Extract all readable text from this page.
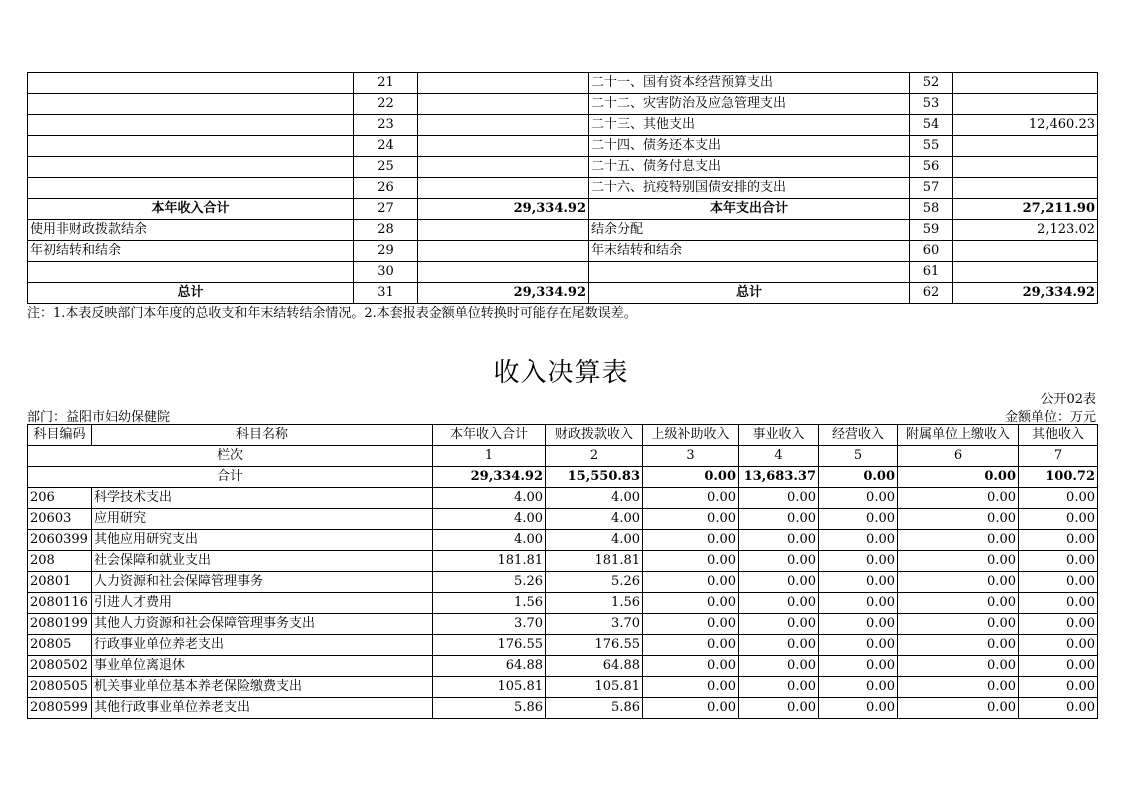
	21		二十一、国有资本经营预算支出	52	
	22		二十二、灾害防治及应急管理支出	53	
	23		二十三、其他支出	54	12,460.23
	24		二十四、债务还本支出	55	
	25		二十五、债务付息支出	56	
	26		二十六、抗疫特别国债安排的支出	57	
本年收入合计	27	29,334.92	本年支出合计	58	27,211.90
使用非财政拨款结余	28		结余分配	59	2,123.02
年初结转和结余	29		年末结转和结余	60	
	30			61	
总计	31	29,334.92	总计	62	29,334.92
注：1.本表反映部门本年度的总收支和年末结转结余情况。2.本套报表金额单位转换时可能存在尾数误差。
收入决算表
公开02表
部门：益阳市妇幼保健院	金额单位：万元
科目编码	科目名称	本年收入合计	财政拨款收入	上级补助收入	事业收入	经营收入	附属单位上缴收入	其他收入
栏次		1	2	3	4	5	6	7
合计		29,334.92	15,550.83	0.00	13,683.37	0.00	0.00	100.72
206	科学技术支出	4.00	4.00	0.00	0.00	0.00	0.00	0.00
20603	应用研究	4.00	4.00	0.00	0.00	0.00	0.00	0.00
2060399	其他应用研究支出	4.00	4.00	0.00	0.00	0.00	0.00	0.00
208	社会保障和就业支出	181.81	181.81	0.00	0.00	0.00	0.00	0.00
20801	人力资源和社会保障管理事务	5.26	5.26	0.00	0.00	0.00	0.00	0.00
2080116	引进人才费用	1.56	1.56	0.00	0.00	0.00	0.00	0.00
2080199	其他人力资源和社会保障管理事务支出	3.70	3.70	0.00	0.00	0.00	0.00	0.00
20805	行政事业单位养老支出	176.55	176.55	0.00	0.00	0.00	0.00	0.00
2080502	事业单位离退休	64.88	64.88	0.00	0.00	0.00	0.00	0.00
2080505	机关事业单位基本养老保险缴费支出	105.81	105.81	0.00	0.00	0.00	0.00	0.00
2080599	其他行政事业单位养老支出	5.86	5.86	0.00	0.00	0.00	0.00	0.00
